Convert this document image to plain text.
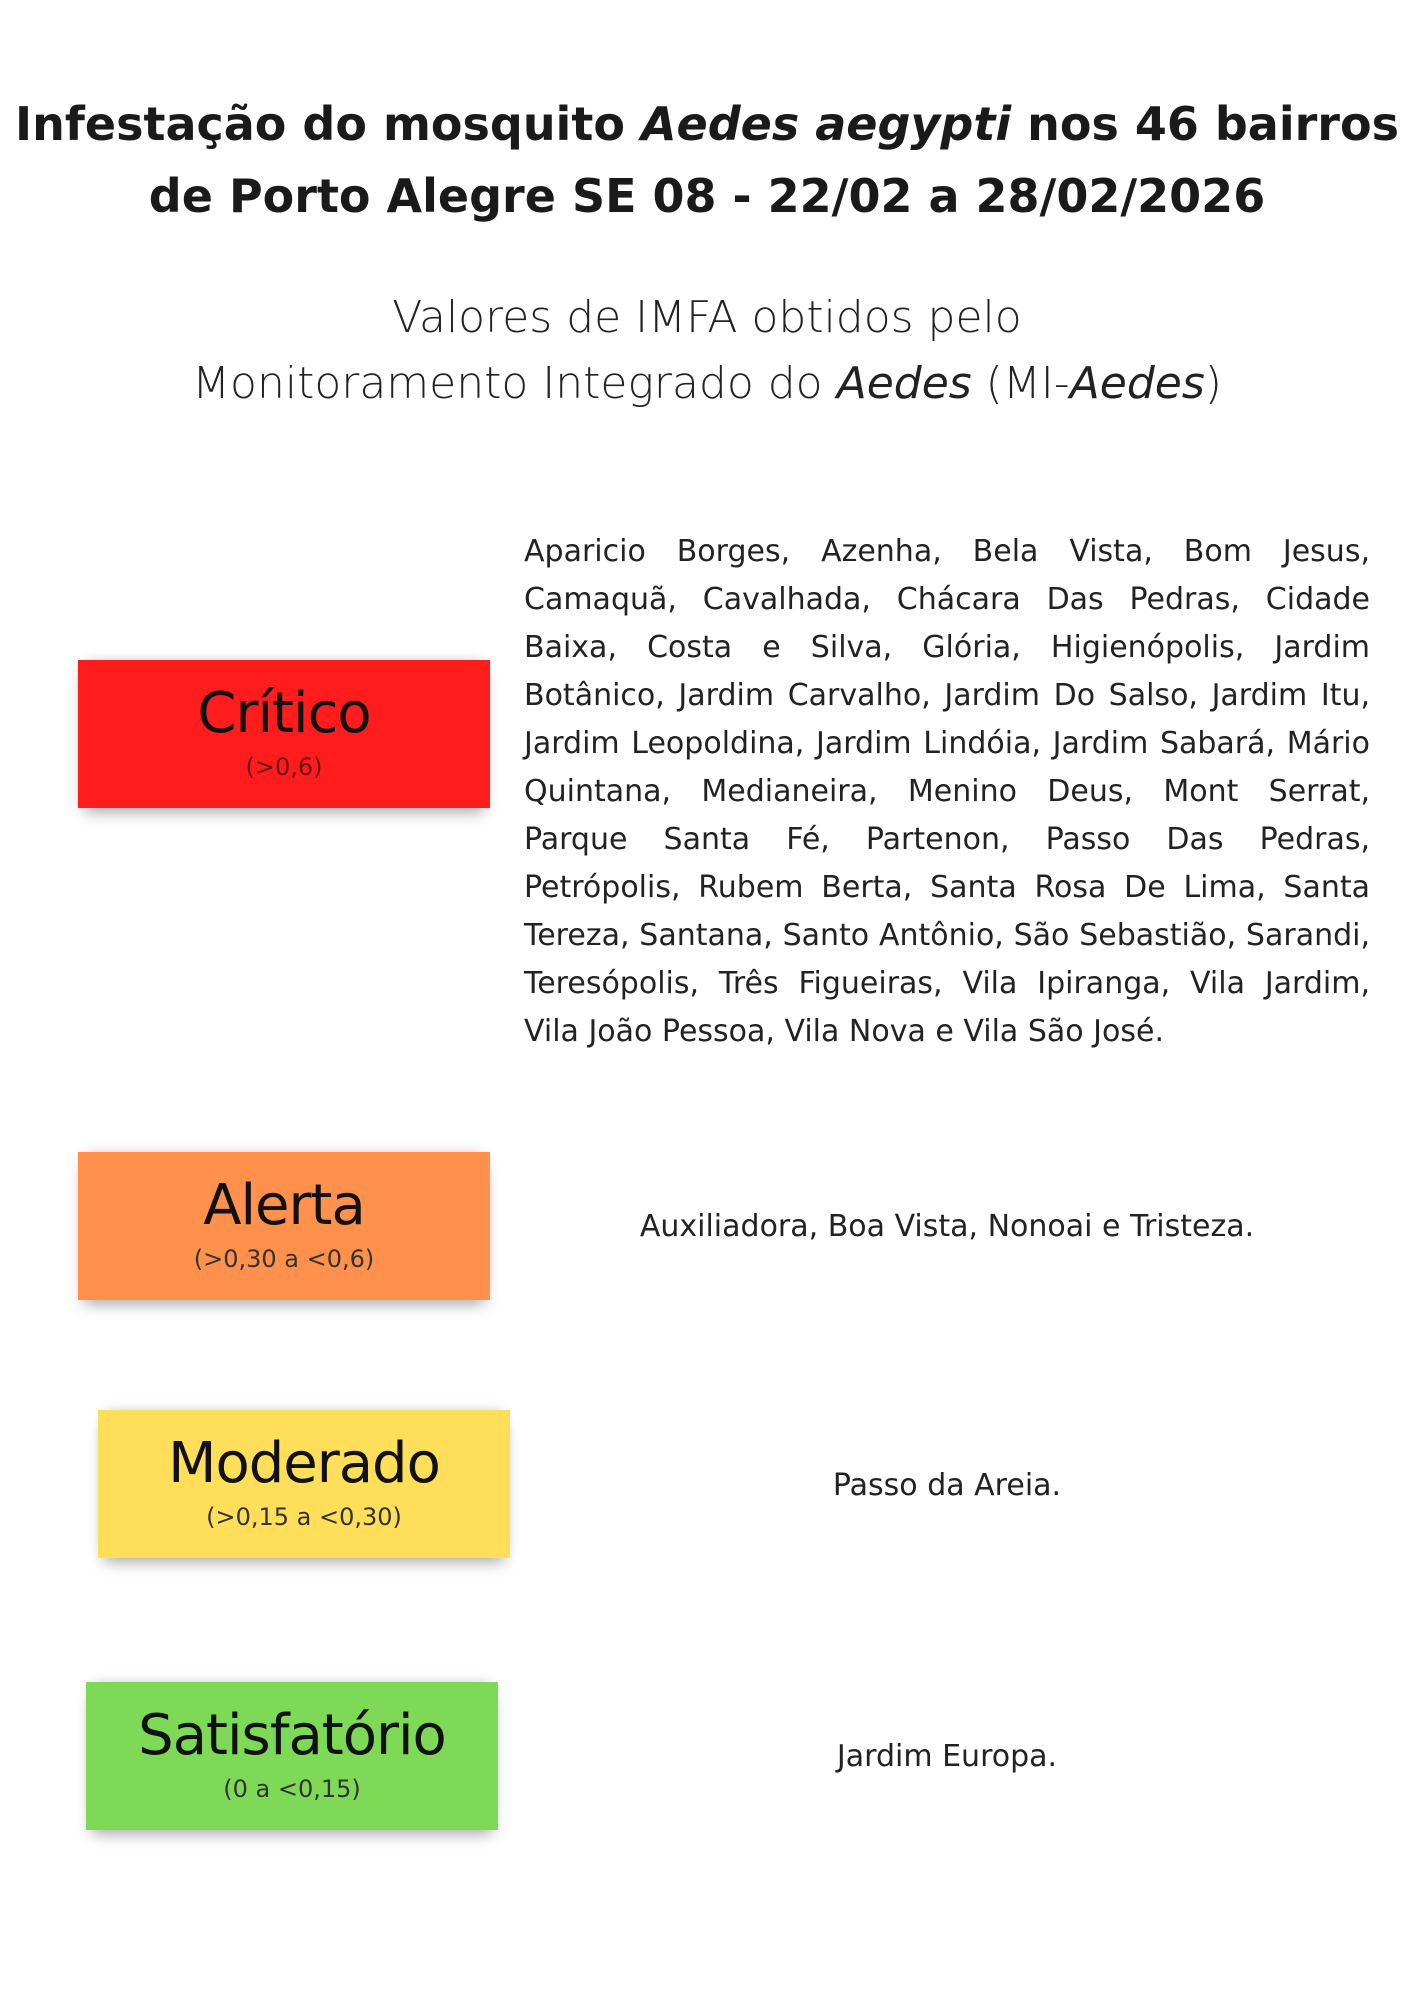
Infestação do mosquito Aedes aegypti nos 46 bairros
de Porto Alegre SE 08 - 22/02 a 28/02/2026
Valores de IMFA obtidos pelo
Monitoramento Integrado do Aedes (MI-Aedes)
Crítico
(>0,6)

Aparicio Borges, Azenha, Bela Vista, Bom Jesus, Camaquã, Cavalhada, Chácara Das Pedras, Cidade Baixa, Costa e Silva, Glória, Higienópolis, Jardim Botânico, Jardim Carvalho, Jardim Do Salso, Jardim Itu, Jardim Leopoldina, Jardim Lindóia, Jardim Sabará, Mário Quintana, Medianeira, Menino Deus, Mont Serrat, Parque Santa Fé, Partenon, Passo Das Pedras, Petrópolis, Rubem Berta, Santa Rosa De Lima, Santa Tereza, Santana, Santo Antônio, São Sebastião, Sarandi, Teresópolis, Três Figueiras, Vila Ipiranga, Vila Jardim, Vila João Pessoa, Vila Nova e Vila São José.

Alerta
(>0,30 a <0,6)

Auxiliadora, Boa Vista, Nonoai e Tristeza.

Moderado
(>0,15 a <0,30)

Passo da Areia.

Satisfatório
(0 a <0,15)

Jardim Europa.
